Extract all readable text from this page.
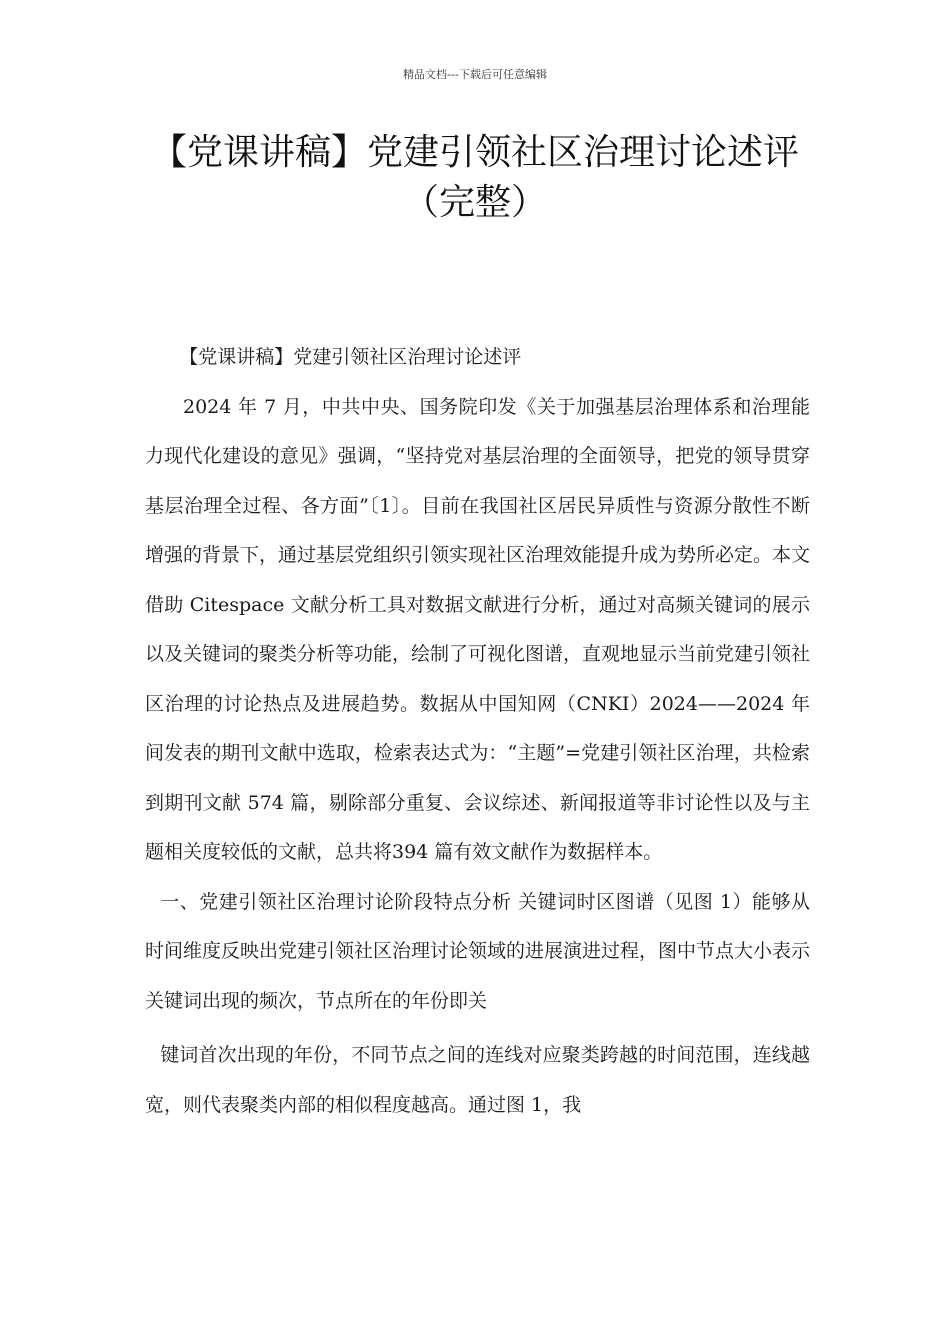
精品文档---下载后可任意编辑
【党课讲稿】党建引领社区治理讨论述评（完整）

【党课讲稿】党建引领社区治理讨论述评

2024 年 7 月，中共中央、国务院印发《关于加强基层治理体系和治理能力现代化建设的意见》强调，“坚持党对基层治理的全面领导，把党的领导贯穿基层治理全过程、各方面”〔1〕。目前在我国社区居民异质性与资源分散性不断增强的背景下，通过基层党组织引领实现社区治理效能提升成为势所必定。本文借助 Citespace 文献分析工具对数据文献进行分析，通过对高频关键词的展示以及关键词的聚类分析等功能，绘制了可视化图谱，直观地显示当前党建引领社区治理的讨论热点及进展趋势。数据从中国知网（CNKI）2024——2024 年间发表的期刊文献中选取，检索表达式为：“主题”=党建引领社区治理，共检索到期刊文献 574 篇，剔除部分重复、会议综述、新闻报道等非讨论性以及与主题相关度较低的文献，总共将394 篇有效文献作为数据样本。

一、党建引领社区治理讨论阶段特点分析 关键词时区图谱（见图 1）能够从时间维度反映出党建引领社区治理讨论领域的进展演进过程，图中节点大小表示关键词出现的频次，节点所在的年份即关

键词首次出现的年份，不同节点之间的连线对应聚类跨越的时间范围，连线越宽，则代表聚类内部的相似程度越高。通过图 1，我
